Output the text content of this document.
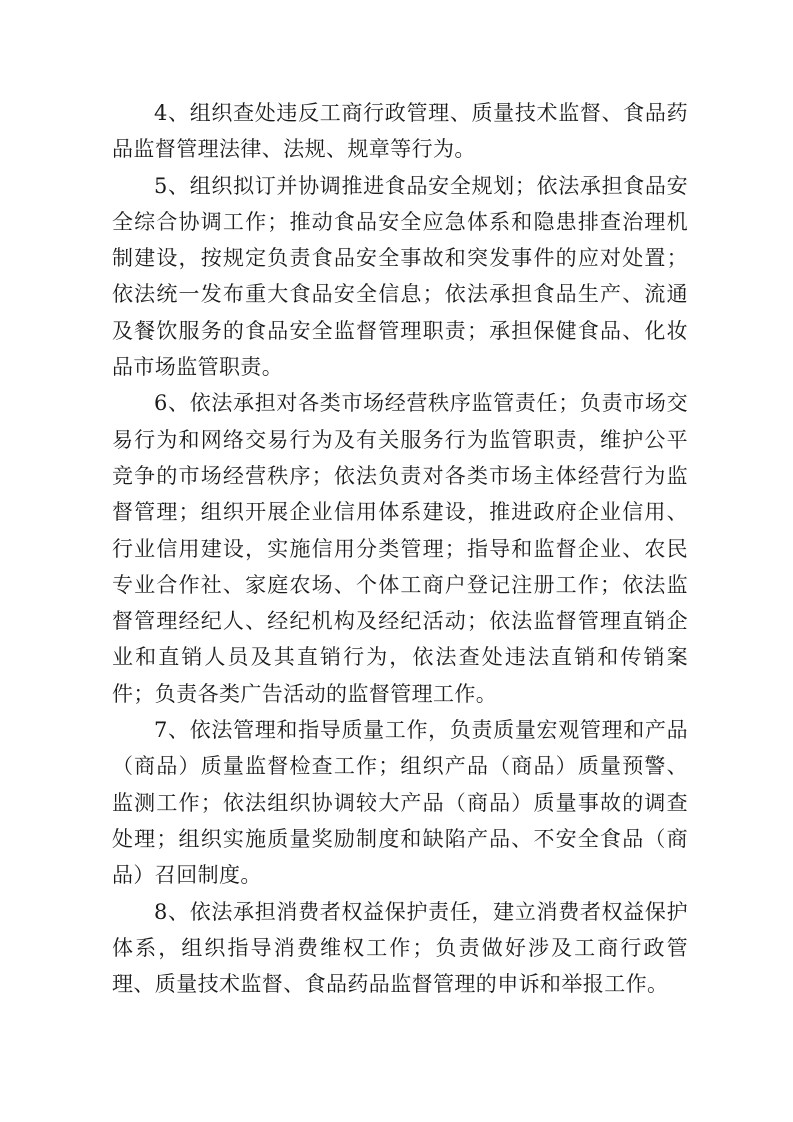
4、组织查处违反工商行政管理、质量技术监督、食品药品监督管理法律、法规、规章等行为。

5、组织拟订并协调推进食品安全规划；依法承担食品安全综合协调工作；推动食品安全应急体系和隐患排查治理机制建设，按规定负责食品安全事故和突发事件的应对处置；依法统一发布重大食品安全信息；依法承担食品生产、流通及餐饮服务的食品安全监督管理职责；承担保健食品、化妆品市场监管职责。

6、依法承担对各类市场经营秩序监管责任；负责市场交易行为和网络交易行为及有关服务行为监管职责，维护公平竞争的市场经营秩序；依法负责对各类市场主体经营行为监督管理；组织开展企业信用体系建设，推进政府企业信用、行业信用建设，实施信用分类管理；指导和监督企业、农民专业合作社、家庭农场、个体工商户登记注册工作；依法监督管理经纪人、经纪机构及经纪活动；依法监督管理直销企业和直销人员及其直销行为，依法查处违法直销和传销案件；负责各类广告活动的监督管理工作。

7、依法管理和指导质量工作，负责质量宏观管理和产品（商品）质量监督检查工作；组织产品（商品）质量预警、监测工作；依法组织协调较大产品（商品）质量事故的调查处理；组织实施质量奖励制度和缺陷产品、不安全食品（商品）召回制度。

8、依法承担消费者权益保护责任，建立消费者权益保护体系，组织指导消费维权工作；负责做好涉及工商行政管理、质量技术监督、食品药品监督管理的申诉和举报工作。
